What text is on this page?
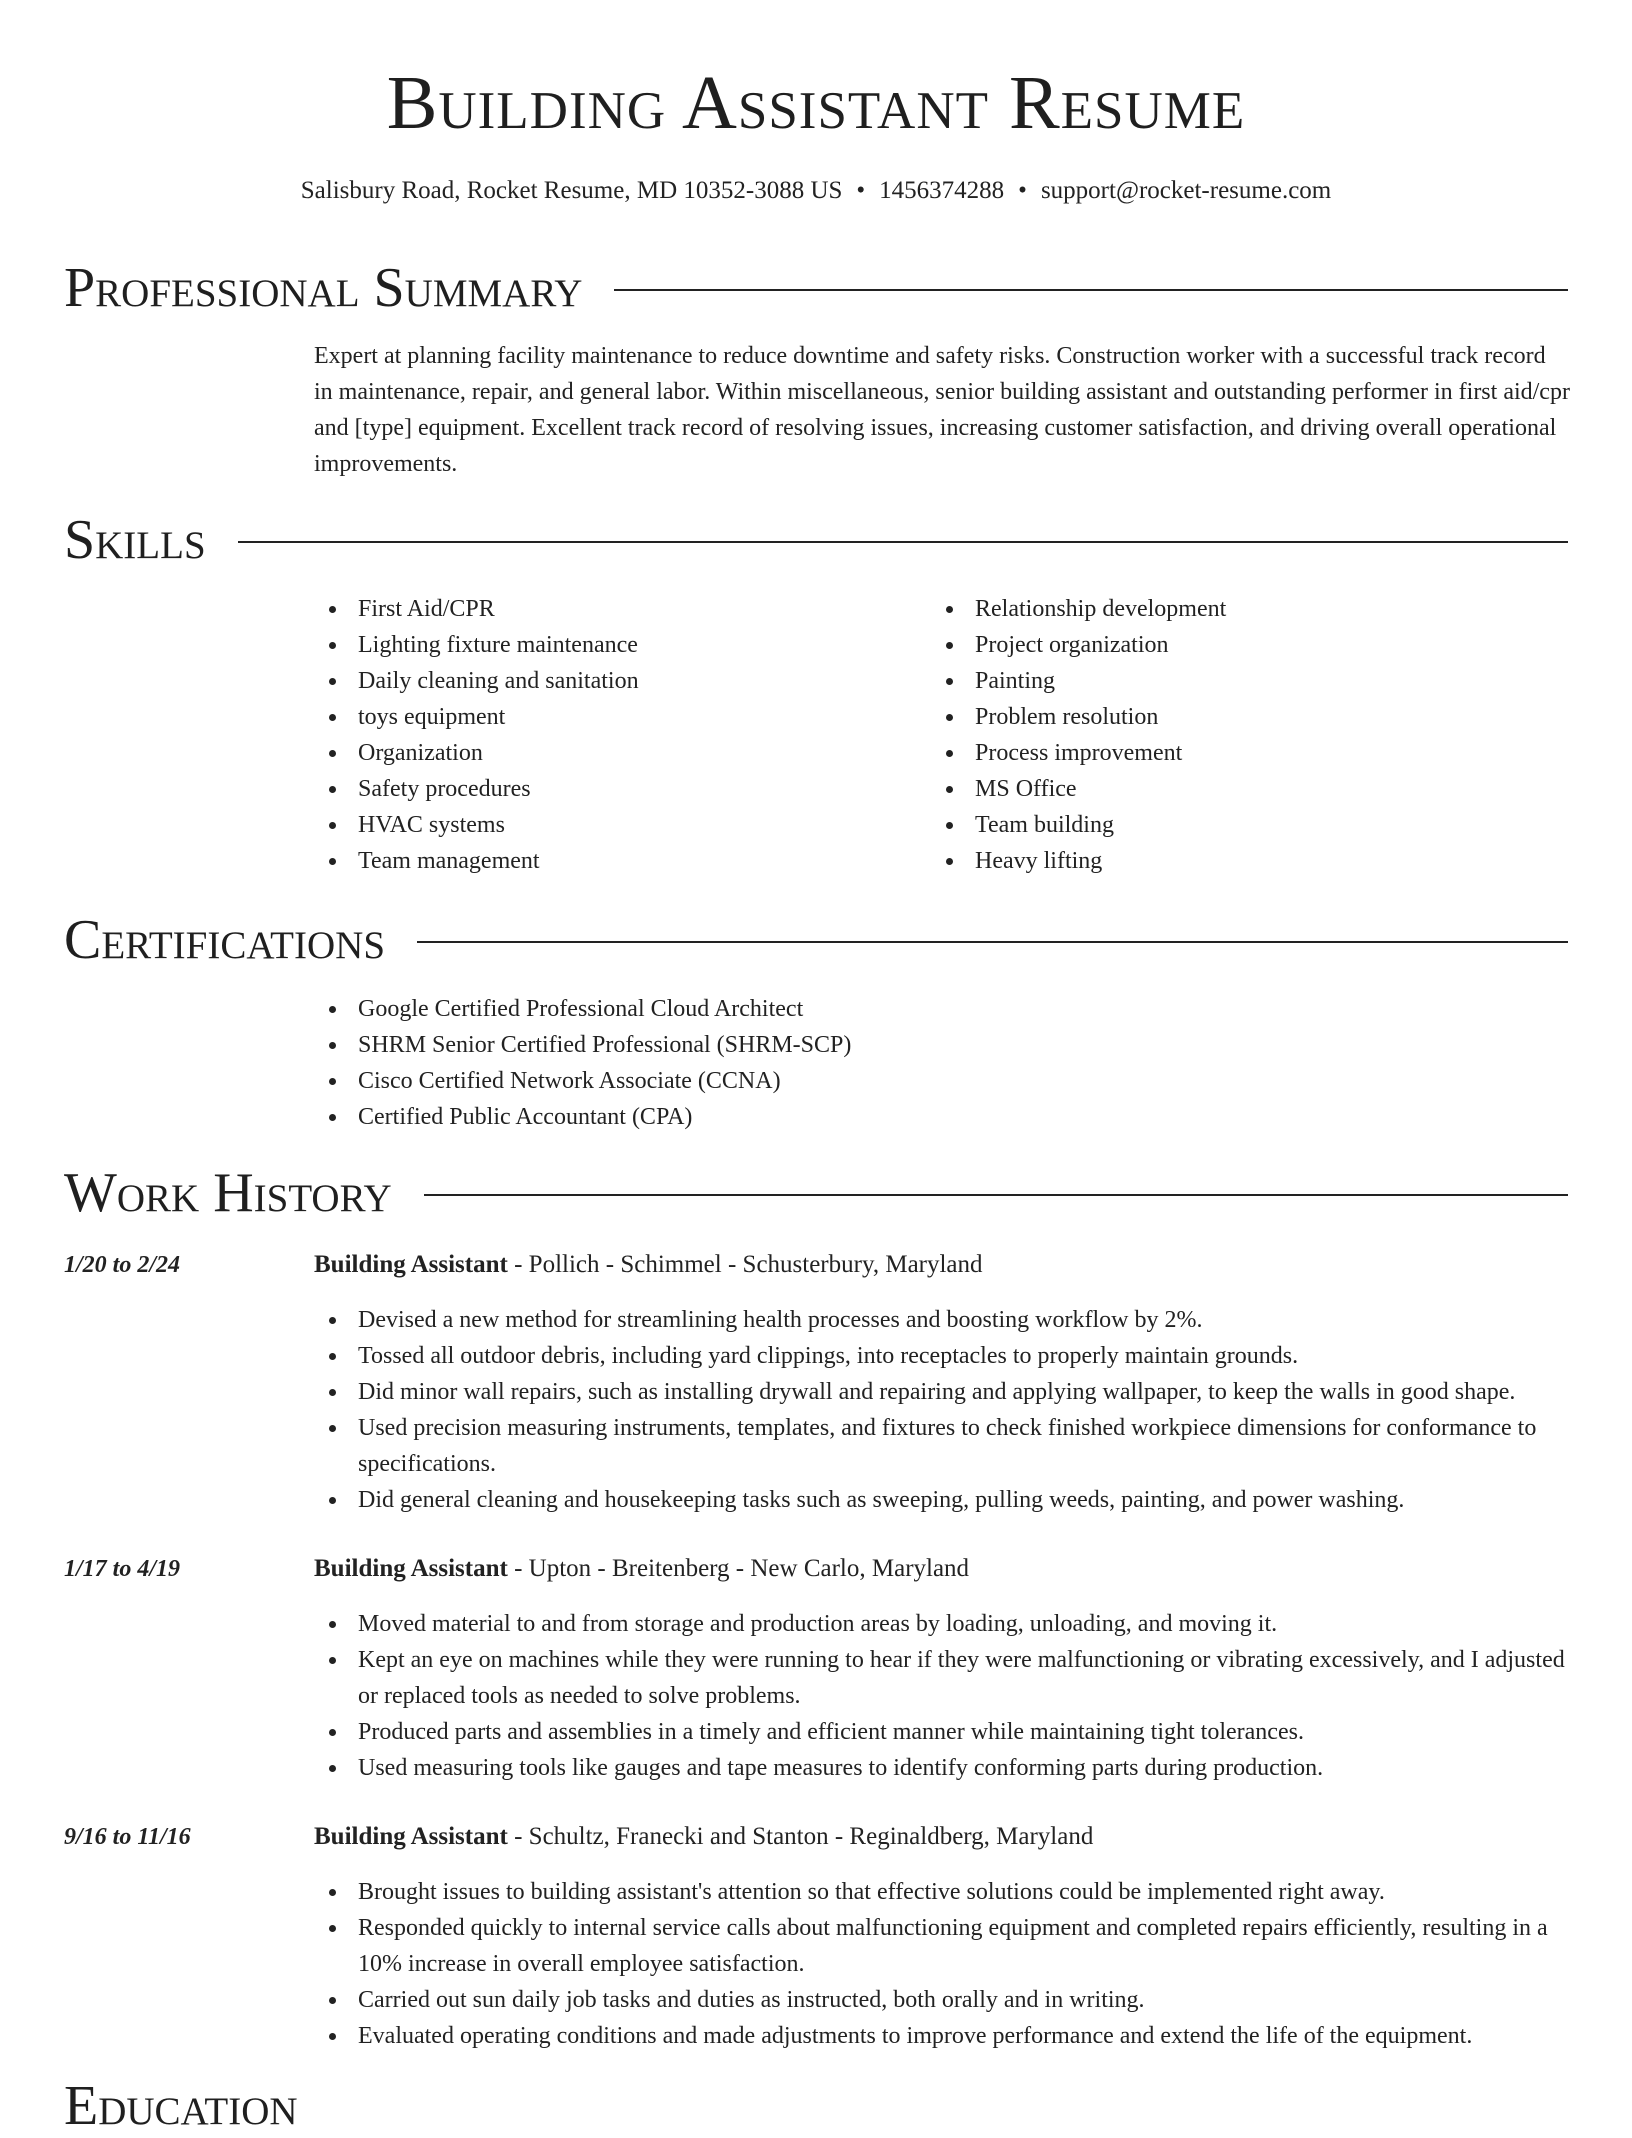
Building Assistant Resume
Salisbury Road, Rocket Resume, MD 10352-3088 US • 1456374288 • support@rocket-resume.com
Professional Summary
Expert at planning facility maintenance to reduce downtime and safety risks. Construction worker with a successful track record in maintenance, repair, and general labor. Within miscellaneous, senior building assistant and outstanding performer in first aid/cpr and [type] equipment. Excellent track record of resolving issues, increasing customer satisfaction, and driving overall operational improvements.
Skills
First Aid/CPR
Lighting fixture maintenance
Daily cleaning and sanitation
toys equipment
Organization
Safety procedures
HVAC systems
Team management
Relationship development
Project organization
Painting
Problem resolution
Process improvement
MS Office
Team building
Heavy lifting
Certifications
Google Certified Professional Cloud Architect
SHRM Senior Certified Professional (SHRM-SCP)
Cisco Certified Network Associate (CCNA)
Certified Public Accountant (CPA)
Work History
1/20 to 2/24	Building Assistant - Pollich - Schimmel - Schusterbury, Maryland
Devised a new method for streamlining health processes and boosting workflow by 2%.
Tossed all outdoor debris, including yard clippings, into receptacles to properly maintain grounds.
Did minor wall repairs, such as installing drywall and repairing and applying wallpaper, to keep the walls in good shape.
Used precision measuring instruments, templates, and fixtures to check finished workpiece dimensions for conformance to specifications.
Did general cleaning and housekeeping tasks such as sweeping, pulling weeds, painting, and power washing.
1/17 to 4/19	Building Assistant - Upton - Breitenberg - New Carlo, Maryland
Moved material to and from storage and production areas by loading, unloading, and moving it.
Kept an eye on machines while they were running to hear if they were malfunctioning or vibrating excessively, and I adjusted or replaced tools as needed to solve problems.
Produced parts and assemblies in a timely and efficient manner while maintaining tight tolerances.
Used measuring tools like gauges and tape measures to identify conforming parts during production.
9/16 to 11/16	Building Assistant - Schultz, Franecki and Stanton - Reginaldberg, Maryland
Brought issues to building assistant's attention so that effective solutions could be implemented right away.
Responded quickly to internal service calls about malfunctioning equipment and completed repairs efficiently, resulting in a 10% increase in overall employee satisfaction.
Carried out sun daily job tasks and duties as instructed, both orally and in writing.
Evaluated operating conditions and made adjustments to improve performance and extend the life of the equipment.
Education
